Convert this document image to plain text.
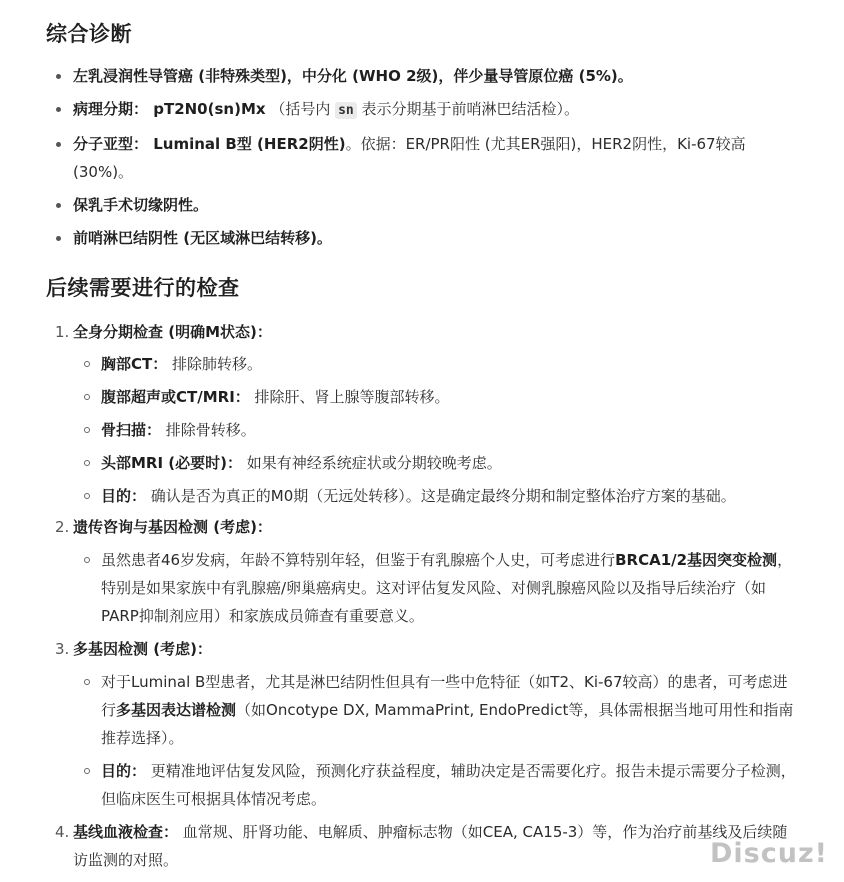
综合诊断
左乳浸润性导管癌 (非特殊类型)，中分化 (WHO 2级)，伴少量导管原位癌 (5%)。
病理分期： pT2N0(sn)Mx （括号内 sn 表示分期基于前哨淋巴结活检）。
分子亚型： Luminal B型 (HER2阴性)。依据：ER/PR阳性 (尤其ER强阳)，HER2阴性，Ki-67较高 (30%)。
保乳手术切缘阴性。
前哨淋巴结阴性 (无区域淋巴结转移)。
后续需要进行的检查
1. 全身分期检查 (明确M状态)：
胸部CT： 排除肺转移。
腹部超声或CT/MRI： 排除肝、肾上腺等腹部转移。
骨扫描： 排除骨转移。
头部MRI (必要时)： 如果有神经系统症状或分期较晚考虑。
目的： 确认是否为真正的M0期（无远处转移）。这是确定最终分期和制定整体治疗方案的基础。
2. 遗传咨询与基因检测 (考虑)：
虽然患者46岁发病，年龄不算特别年轻，但鉴于有乳腺癌个人史，可考虑进行BRCA1/2基因突变检测，特别是如果家族中有乳腺癌/卵巢癌病史。这对评估复发风险、对侧乳腺癌风险以及指导后续治疗（如PARP抑制剂应用）和家族成员筛查有重要意义。
3. 多基因检测 (考虑)：
对于Luminal B型患者，尤其是淋巴结阴性但具有一些中危特征（如T2、Ki-67较高）的患者，可考虑进行多基因表达谱检测（如Oncotype DX, MammaPrint, EndoPredict等，具体需根据当地可用性和指南推荐选择）。
目的： 更精准地评估复发风险，预测化疗获益程度，辅助决定是否需要化疗。报告未提示需要分子检测，但临床医生可根据具体情况考虑。
4. 基线血液检查： 血常规、肝肾功能、电解质、肿瘤标志物（如CEA, CA15-3）等，作为治疗前基线及后续随访监测的对照。	Discuz!
